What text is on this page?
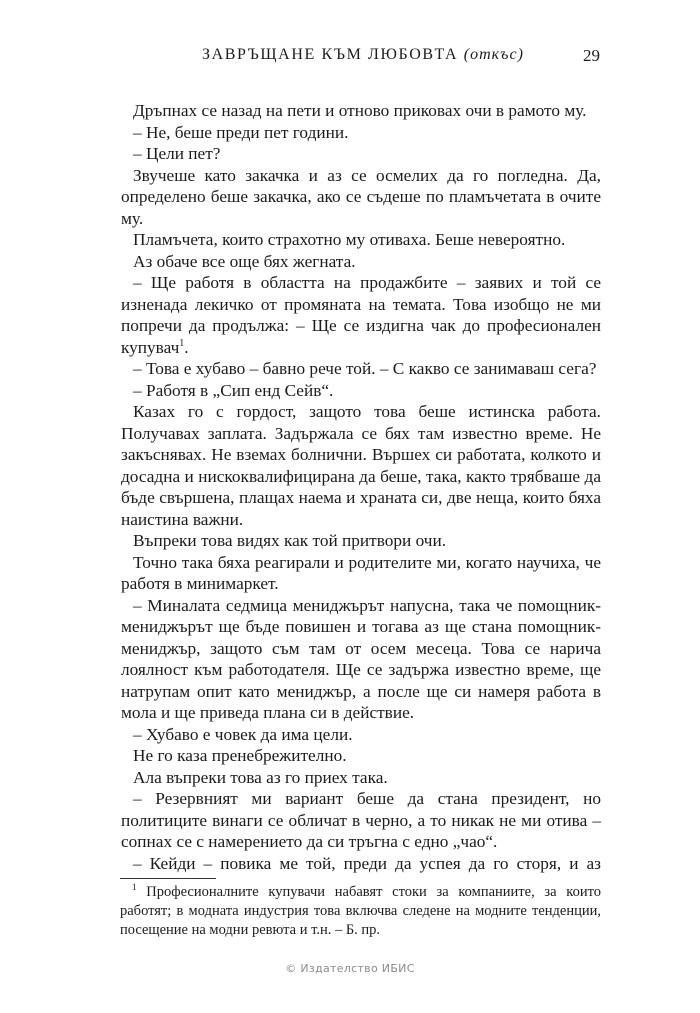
ЗАВРЪЩАНЕ КЪМ ЛЮБОВТА (откъс)	29

Дръпнах се назад на пети и отново приковах очи в рамото му.

– Не, беше преди пет години.

– Цели пет?

Звучеше като закачка и аз се осмелих да го погледна. Да, определено беше закачка, ако се съдеше по пламъчетата в очите му.

Пламъчета, които страхотно му отиваха. Беше невероятно.

Аз обаче все още бях жегната.

– Ще работя в областта на продажбите – заявих и той се изненада лекичко от промяната на темата. Това изобщо не ми попречи да продължа: – Ще се издигна чак до професионален купувач$^1$.

– Това е хубаво – бавно рече той. – С какво се занимаваш сега?

– Работя в „Сип енд Сейв“.

Казах го с гордост, защото това беше истинска работа. Получавах заплата. Задържала се бях там известно време. Не закъснявах. Не вземах болнични. Вършех си работата, колкото и досадна и нискоквалифицирана да беше, така, както трябваше да бъде свършена, плащах наема и храната си, две неща, които бяха наистина важни.

Въпреки това видях как той притвори очи.

Точно така бяха реагирали и родителите ми, когато научиха, че работя в минимаркет.

– Миналата седмица мениджърът напусна, така че помощник-мениджърът ще бъде повишен и тогава аз ще стана помощник-мениджър, защото съм там от осем месеца. Това се нарича лоялност към работодателя. Ще се задържа известно време, ще натрупам опит като мениджър, а после ще си намеря работа в мола и ще приведа плана си в действие.

– Хубаво е човек да има цели.

Не го каза пренебрежително.

Ала въпреки това аз го приех така.

– Резервният ми вариант беше да стана президент, но политиците винаги се обличат в черно, а то никак не ми отива – сопнах се с намерението да си тръгна с едно „чао“.

– Кейди – повика ме той, преди да успея да го сторя, и аз

$^1$ Професионалните купувачи набавят стоки за компаниите, за които работят; в модната индустрия това включва следене на модните тенденции, посещение на модни ревюта и т.н. – Б. пр.

© Издателство ИБИС
